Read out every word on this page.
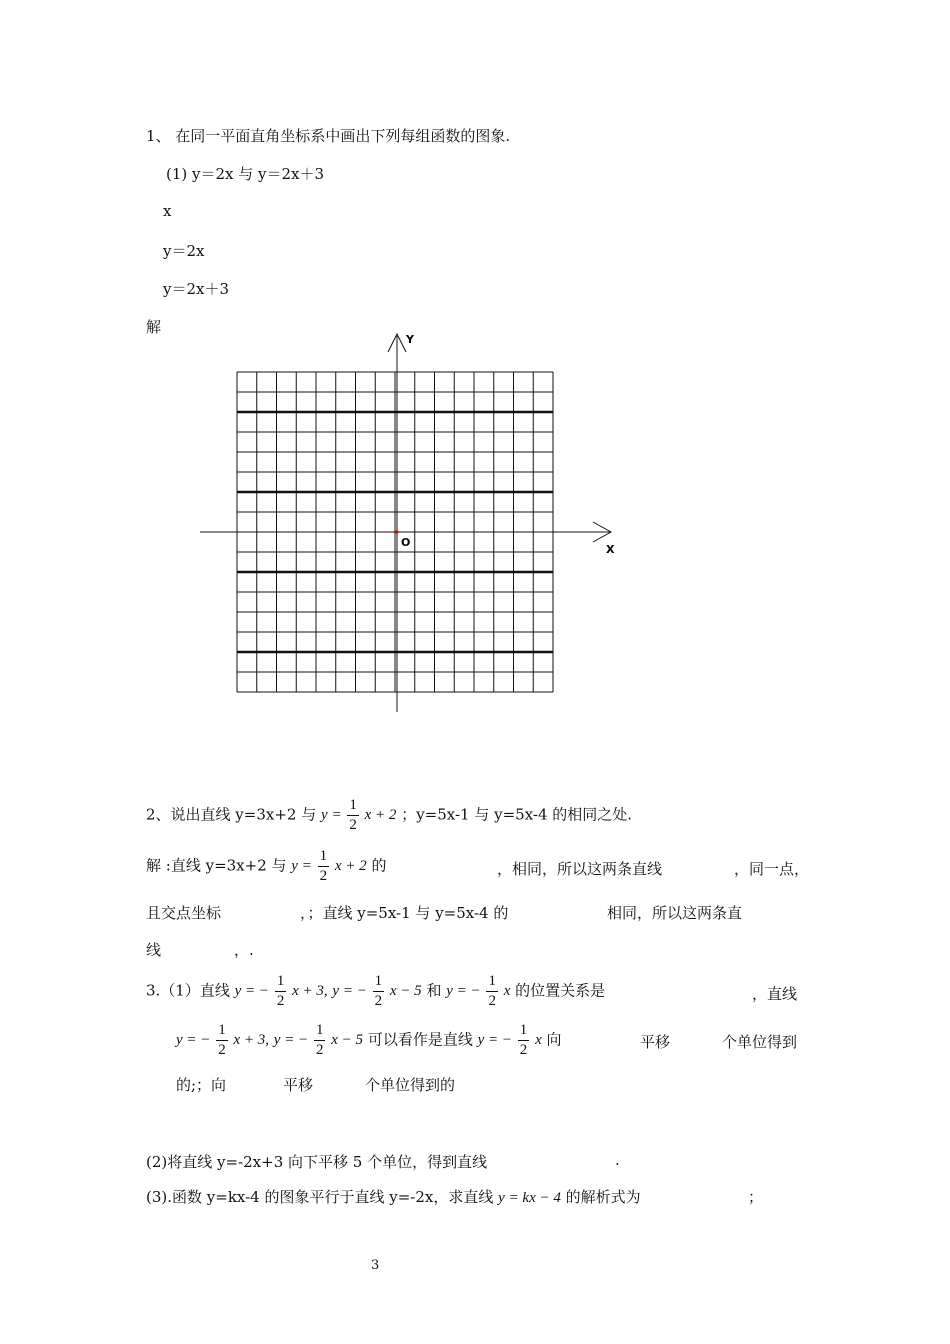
1、 在同一平面直角坐标系中画出下列每组函数的图象.
(1) y＝2x 与 y＝2x＋3
x
y＝2x
y＝2x＋3
解
Y
X
O
2、说出直线 y=3x+2 与 $y = \frac{1}{2}$ x + 2 ；y=5x-1 与 y=5x-4 的相同之处.
解 :直线 y=3x+2 与 $y = \frac{1}{2}$ x + 2 的	，相同，所以这两条直线	，同一点，
且交点坐标	，；直线 y=5x-1 与 y=5x-4 的	相同，所以这两条直
线	，.
3.（1）直线 y = − $\frac{1}{2}$ x + 3, y = − $\frac{1}{2}$ x − 5 和 y = − $\frac{1}{2}$ x 的位置关系是	，直线
y = − $\frac{1}{2}$ x + 3, y = − $\frac{1}{2}$ x − 5 可以看作是直线 y = − $\frac{1}{2}$ x 向	平移	个单位得到
的;；向	平移	个单位得到的
(2)将直线 y=-2x+3 向下平移 5 个单位，得到直线	.
(3).函数 y=kx-4 的图象平行于直线 y=-2x，求直线 y = kx − 4 的解析式为	；
3
